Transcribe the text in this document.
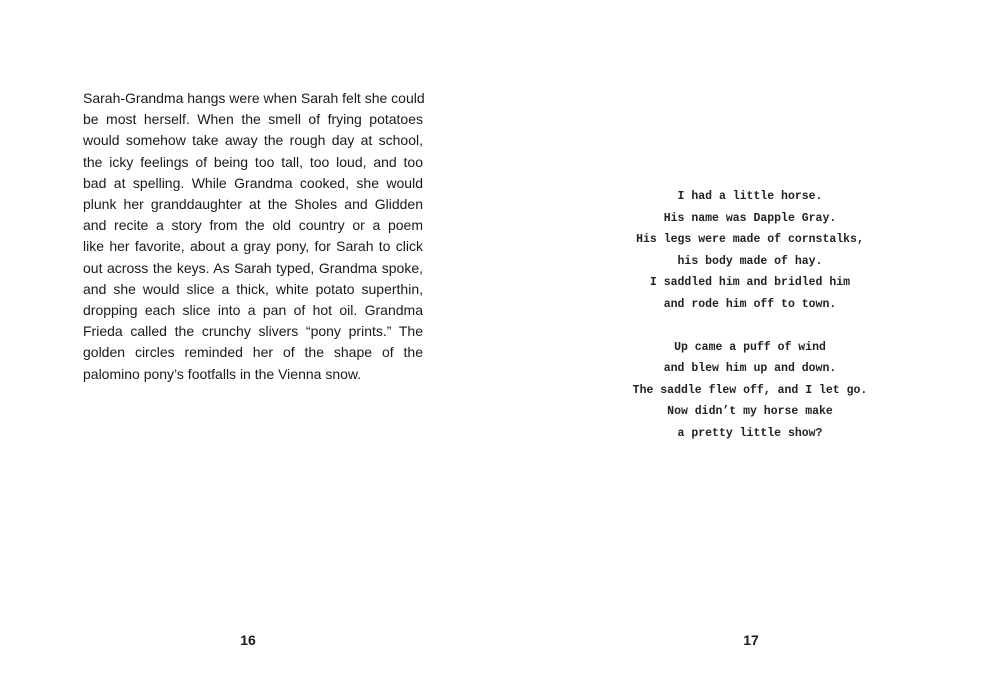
Sarah-Grandma hangs were when Sarah felt she could
be most herself. When the smell of frying potatoes
would somehow take away the rough day at school,
the icky feelings of being too tall, too loud, and too
bad at spelling. While Grandma cooked, she would
plunk her granddaughter at the Sholes and Glidden
and recite a story from the old country or a poem
like her favorite, about a gray pony, for Sarah to click
out across the keys. As Sarah typed, Grandma spoke,
and she would slice a thick, white potato superthin,
dropping each slice into a pan of hot oil. Grandma
Frieda called the crunchy slivers “pony prints.” The
golden circles reminded her of the shape of the
palomino pony’s footfalls in the Vienna snow.
16
I had a little horse.
His name was Dapple Gray.
His legs were made of cornstalks,
his body made of hay.
I saddled him and bridled him
and rode him off to town.
Up came a puff of wind
and blew him up and down.
The saddle flew off, and I let go.
Now didn’t my horse make
a pretty little show?
17
